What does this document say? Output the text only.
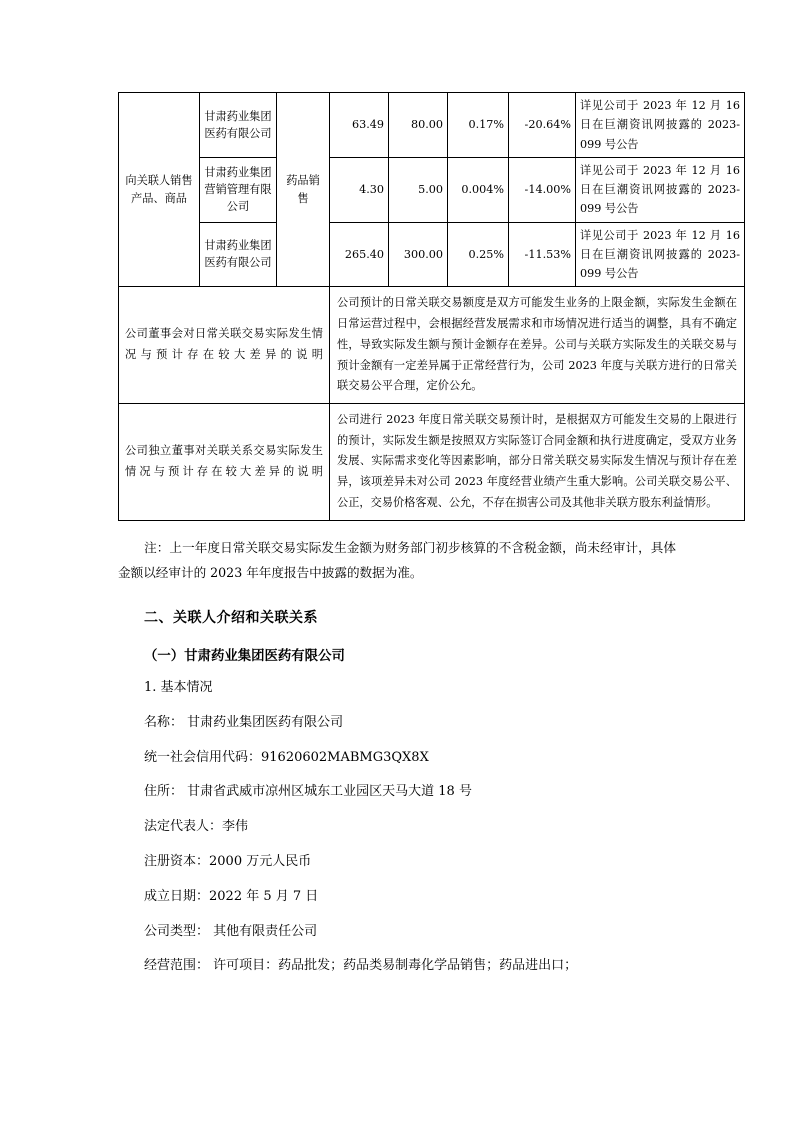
向关联人销售产品、商品	甘肃药业集团医药有限公司	药品销售	63.49	80.00	0.17%	-20.64%	详见公司于 2023 年 12 月 16 日在巨潮资讯网披露的 2023-099 号公告
	甘肃药业集团营销管理有限公司		4.30	5.00	0.004%	-14.00%	详见公司于 2023 年 12 月 16 日在巨潮资讯网披露的 2023-099 号公告
	甘肃药业集团医药有限公司		265.40	300.00	0.25%	-11.53%	详见公司于 2023 年 12 月 16 日在巨潮资讯网披露的 2023-099 号公告
公司董事会对日常关联交易实际发生情况与预计存在较大差异的说明			公司预计的日常关联交易额度是双方可能发生业务的上限金额，实际发生金额在日常运营过程中，会根据经营发展需求和市场情况进行适当的调整，具有不确定性，导致实际发生额与预计金额存在差异。公司与关联方实际发生的关联交易与预计金额有一定差异属于正常经营行为，公司 2023 年度与关联方进行的日常关联交易公平合理，定价公允。				
公司独立董事对关联关系交易实际发生情况与预计存在较大差异的说明			公司进行 2023 年度日常关联交易预计时，是根据双方可能发生交易的上限进行的预计，实际发生额是按照双方实际签订合同金额和执行进度确定，受双方业务发展、实际需求变化等因素影响，部分日常关联交易实际发生情况与预计存在差异，该项差异未对公司 2023 年度经营业绩产生重大影响。公司关联交易公平、公正，交易价格客观、公允，不存在损害公司及其他非关联方股东利益情形。				

注：上一年度日常关联交易实际发生金额为财务部门初步核算的不含税金额，尚未经审计，具体金额以经审计的 2023 年年度报告中披露的数据为准。

二、关联人介绍和关联关系
（一）甘肃药业集团医药有限公司

1. 基本情况

名称： 甘肃药业集团医药有限公司

统一社会信用代码：91620602MABMG3QX8X

住所： 甘肃省武威市凉州区城东工业园区天马大道 18 号

法定代表人：李伟

注册资本：2000 万元人民币

成立日期：2022 年 5 月 7 日

公司类型： 其他有限责任公司

经营范围： 许可项目：药品批发；药品类易制毒化学品销售；药品进出口；
